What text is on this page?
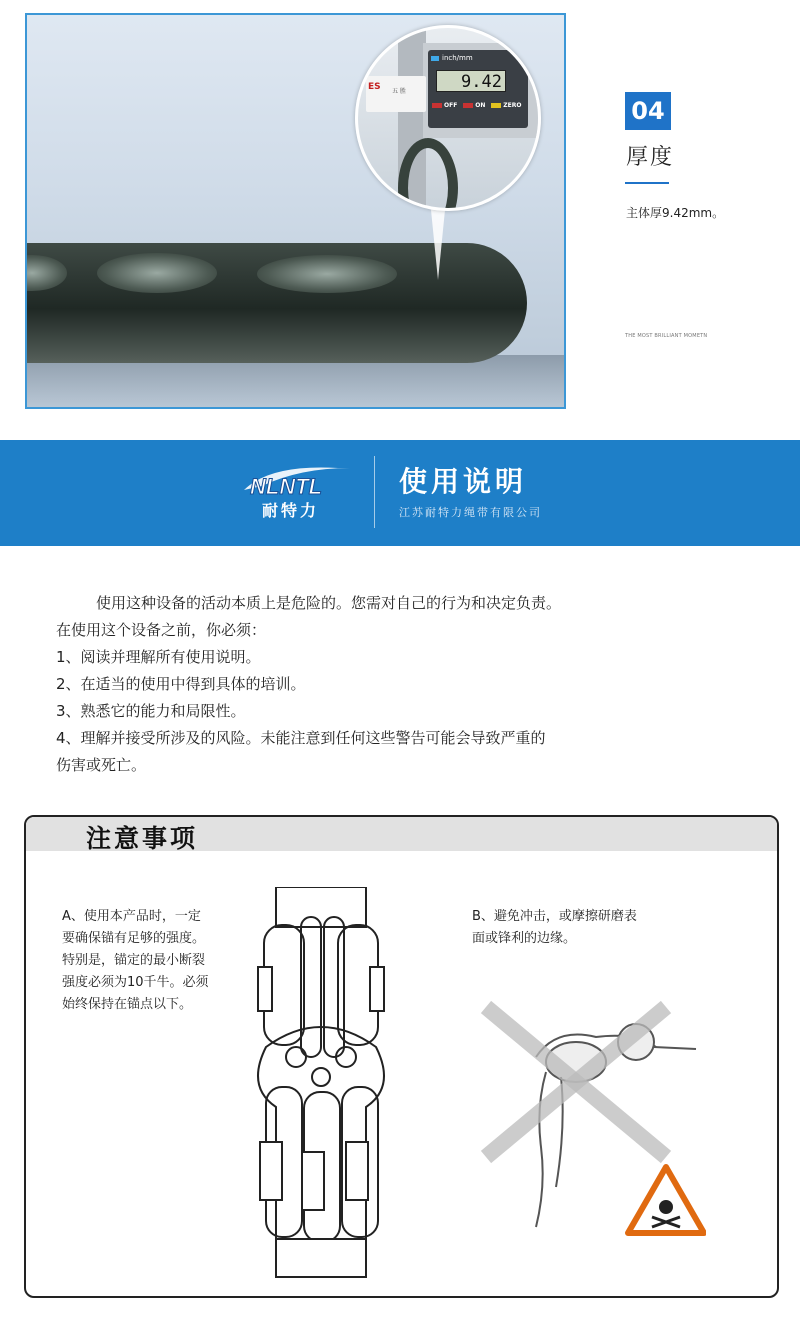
ES 五 胜
inch/mm
9.42
OFF	ON	ZERO	04
厚度
主体厚9.42mm。
THE MOST BRILLIANT MOMETN
NLNTL
耐特力
使用说明
江苏耐特力绳带有限公司
使用这种设备的活动本质上是危险的。您需对自己的行为和决定负责。
在使用这个设备之前，你必须：
1、阅读并理解所有使用说明。
2、在适当的使用中得到具体的培训。
3、熟悉它的能力和局限性。
4、理解并接受所涉及的风险。未能注意到任何这些警告可能会导致严重的
伤害或死亡。
注意事项
A、使用本产品时，一定
要确保锚有足够的强度。
特别是，锚定的最小断裂
强度必须为10千牛。必须
始终保持在锚点以下。
B、避免冲击，或摩擦研磨表
面或锋利的边缘。
